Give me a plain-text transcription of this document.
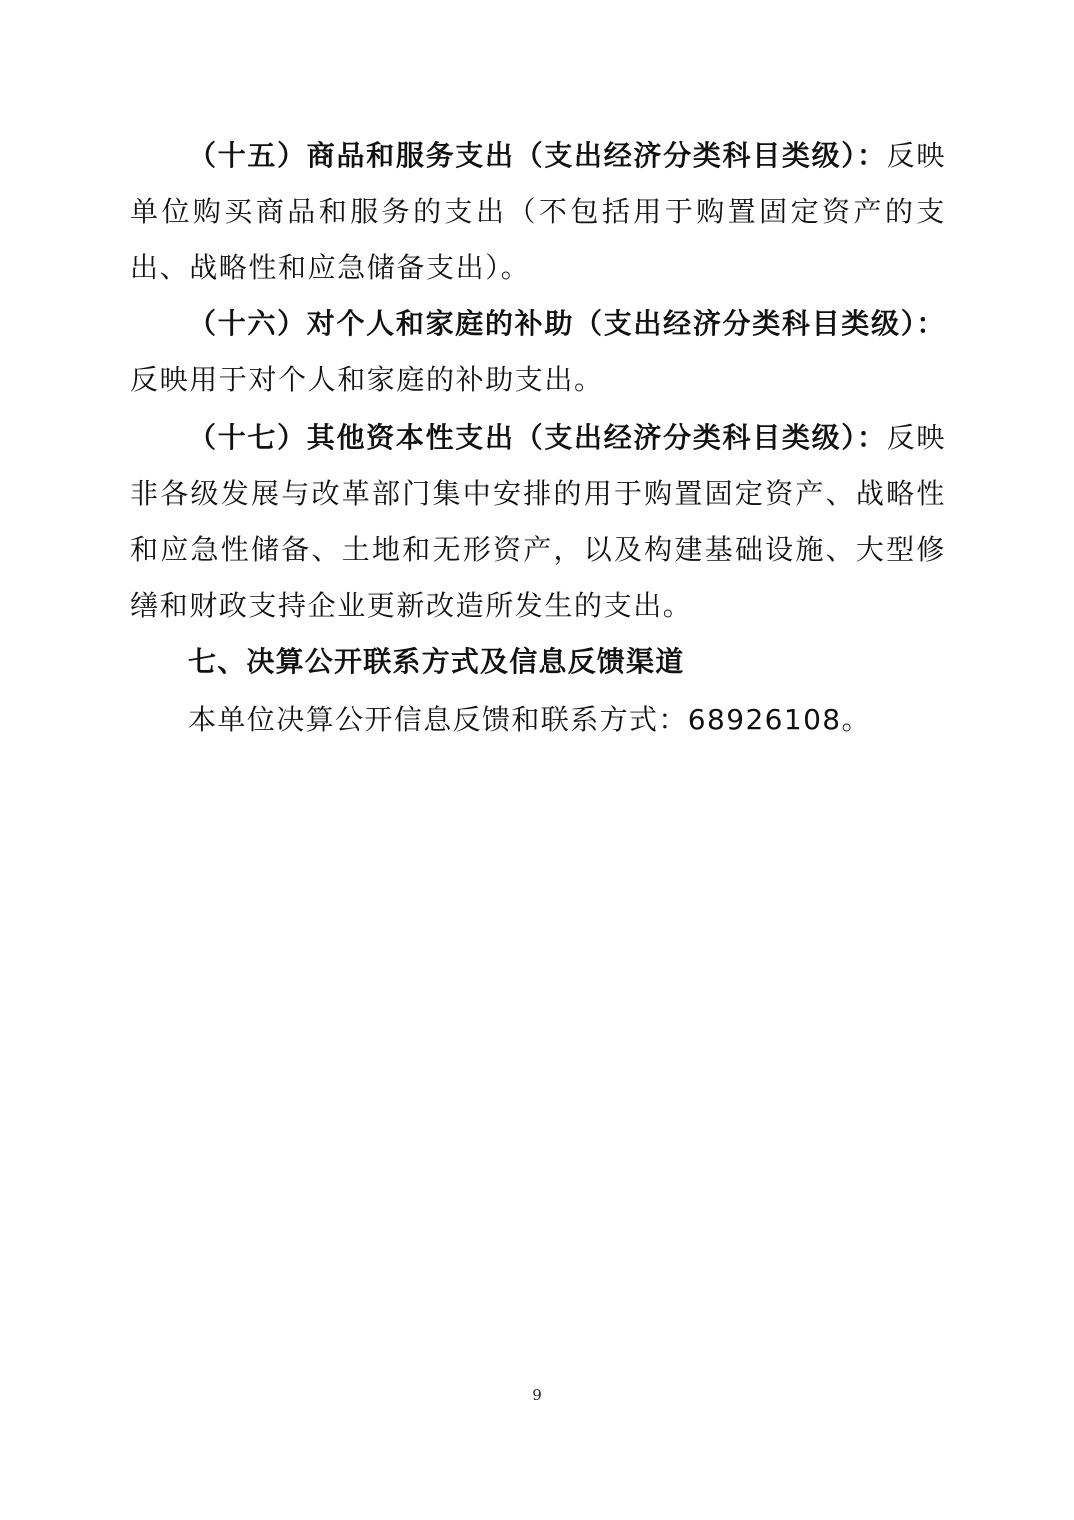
（十五）商品和服务支出（支出经济分类科目类级）：反映单位购买商品和服务的支出（不包括用于购置固定资产的支出、战略性和应急储备支出）。

（十六）对个人和家庭的补助（支出经济分类科目类级）：反映用于对个人和家庭的补助支出。

（十七）其他资本性支出（支出经济分类科目类级）：反映非各级发展与改革部门集中安排的用于购置固定资产、战略性和应急性储备、土地和无形资产，以及构建基础设施、大型修缮和财政支持企业更新改造所发生的支出。

七、决算公开联系方式及信息反馈渠道

本单位决算公开信息反馈和联系方式：68926108。

9
